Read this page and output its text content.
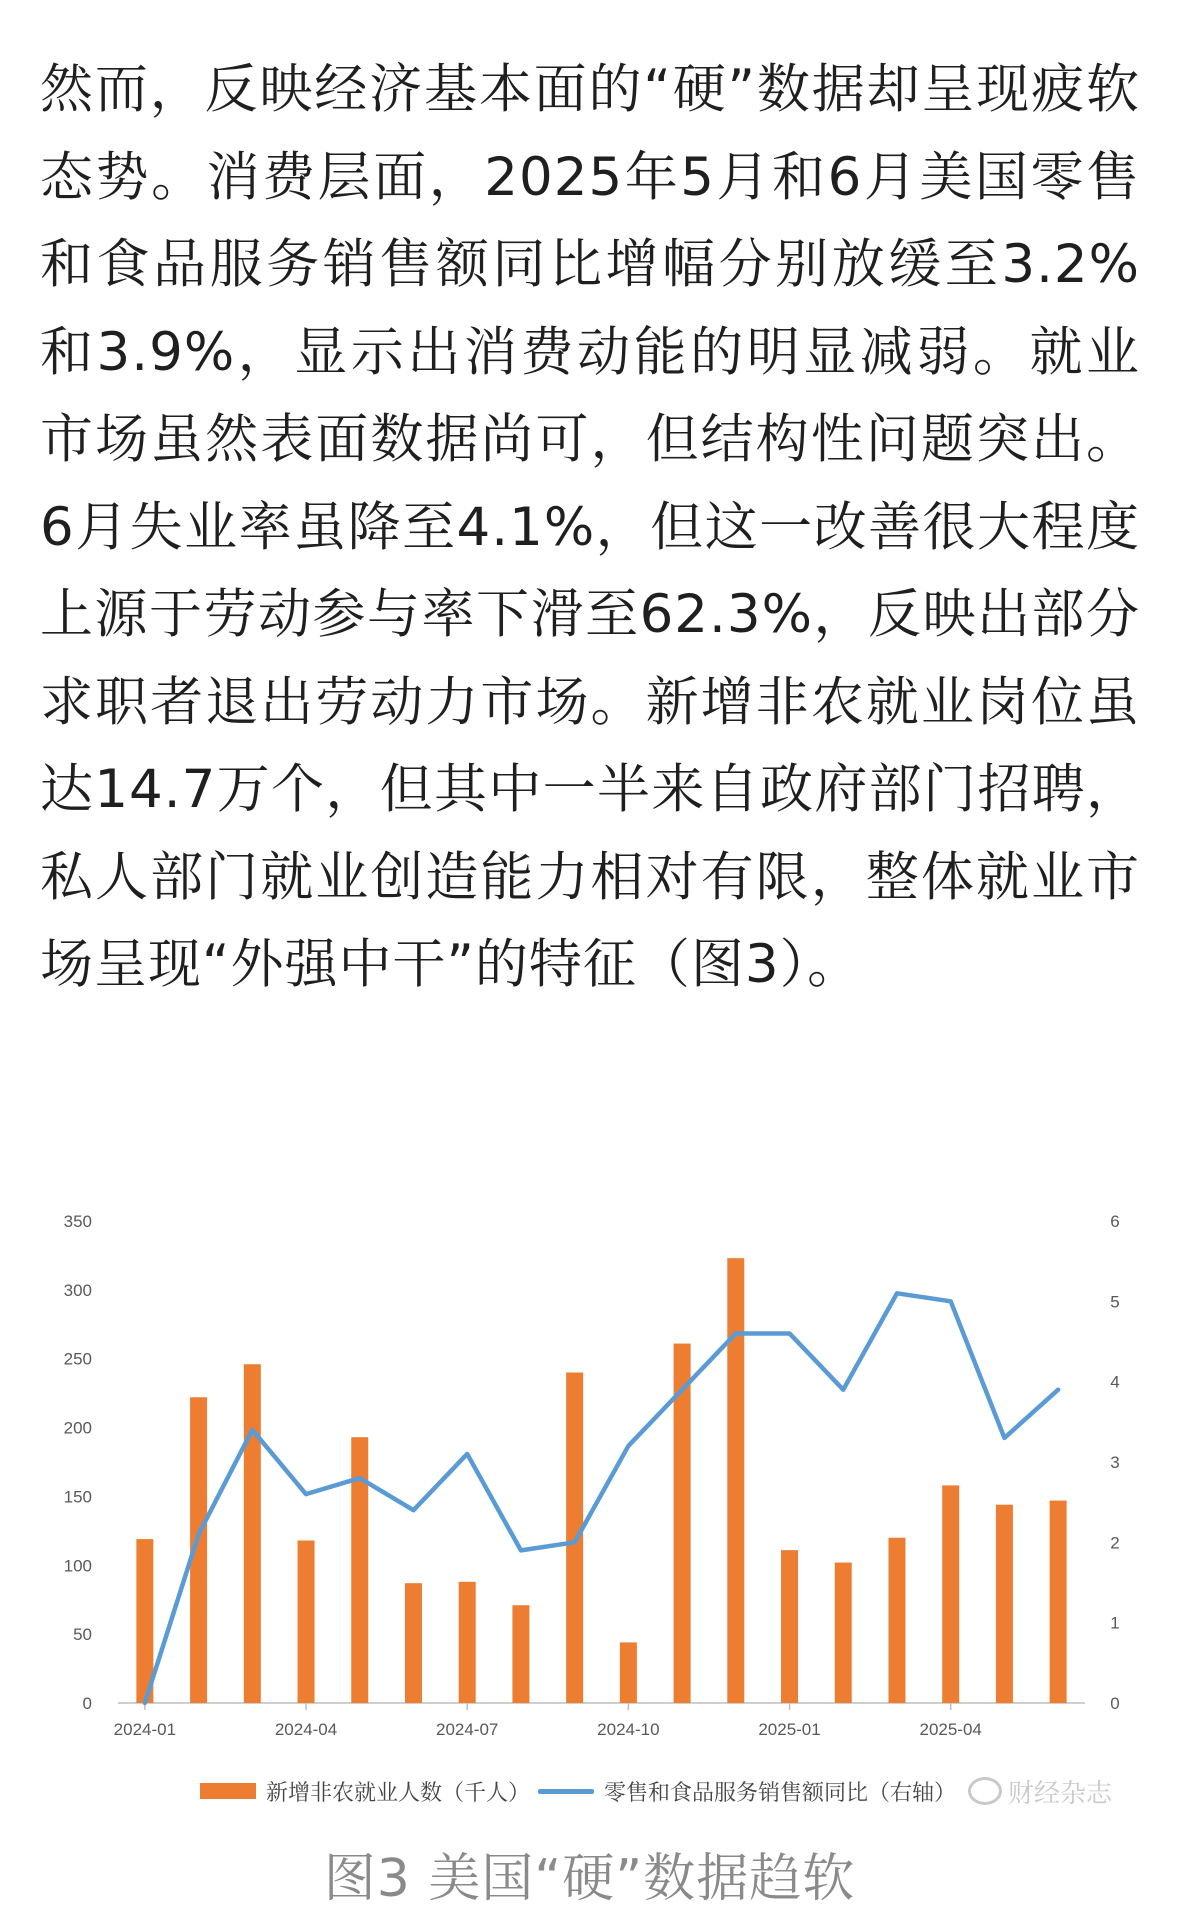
然而，反映经济基本面的“硬”数据却呈现疲软态势。消费层面，2025年5月和6月美国零售和食品服务销售额同比增幅分别放缓至3.2%和3.9%，显示出消费动能的明显减弱。就业市场虽然表面数据尚可，但结构性问题突出。6月失业率虽降至4.1%，但这一改善很大程度上源于劳动参与率下滑至62.3%，反映出部分求职者退出劳动力市场。新增非农就业岗位虽达14.7万个，但其中一半来自政府部门招聘，私人部门就业创造能力相对有限，整体就业市场呈现“外强中干”的特征（图3）。

0
50
100
150
200
250
300
350
0
1
2
3
4
5
6
2024-01	2024-04	2024-07	2024-10	2025-01	2025-04
新增非农就业人数（千人）	零售和食品服务销售额同比（右轴） 财经杂志
图3 美国“硬”数据趋软
